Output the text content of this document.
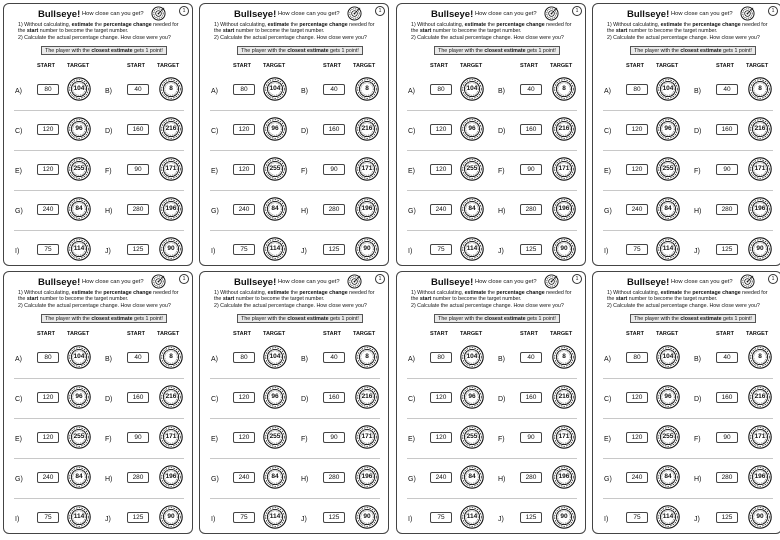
Bullseye! How close can you get?	1
1) Without calculating, estimate the percentage change needed for
the start number to become the target number.
2) Calculate the actual percentage change. How close were you?
The player with the closest estimate gets 1 point!
START TARGET	START TARGET
A)	80	104	B)	40	8
C)	120	96	D)	160	216
E)	120	255	F)	90	171
G)	240	84	H)	280	196
I)	75	114	J)	125	90
Bullseye! How close can you get?	1
1) Without calculating, estimate the percentage change needed for
the start number to become the target number.
2) Calculate the actual percentage change. How close were you?
The player with the closest estimate gets 1 point!
START TARGET	START TARGET
A)	80	104	B)	40	8
C)	120	96	D)	160	216
E)	120	255	F)	90	171
G)	240	84	H)	280	196
I)	75	114	J)	125	90
Bullseye! How close can you get?	1
1) Without calculating, estimate the percentage change needed for
the start number to become the target number.
2) Calculate the actual percentage change. How close were you?
The player with the closest estimate gets 1 point!
START TARGET	START TARGET
A)	80	104	B)	40	8
C)	120	96	D)	160	216
E)	120	255	F)	90	171
G)	240	84	H)	280	196
I)	75	114	J)	125	90
Bullseye! How close can you get?	1
1) Without calculating, estimate the percentage change needed for
the start number to become the target number.
2) Calculate the actual percentage change. How close were you?
The player with the closest estimate gets 1 point!
START TARGET	START TARGET
A)	80	104	B)	40	8
C)	120	96	D)	160	216
E)	120	255	F)	90	171
G)	240	84	H)	280	196
I)	75	114	J)	125	90
Bullseye! How close can you get?	1
1) Without calculating, estimate the percentage change needed for
the start number to become the target number.
2) Calculate the actual percentage change. How close were you?
The player with the closest estimate gets 1 point!
START TARGET	START TARGET
A)	80	104	B)	40	8
C)	120	96	D)	160	216
E)	120	255	F)	90	171
G)	240	84	H)	280	196
I)	75	114	J)	125	90
Bullseye! How close can you get?	1
1) Without calculating, estimate the percentage change needed for
the start number to become the target number.
2) Calculate the actual percentage change. How close were you?
The player with the closest estimate gets 1 point!
START TARGET	START TARGET
A)	80	104	B)	40	8
C)	120	96	D)	160	216
E)	120	255	F)	90	171
G)	240	84	H)	280	196
I)	75	114	J)	125	90
Bullseye! How close can you get?	1
1) Without calculating, estimate the percentage change needed for
the start number to become the target number.
2) Calculate the actual percentage change. How close were you?
The player with the closest estimate gets 1 point!
START TARGET	START TARGET
A)	80	104	B)	40	8
C)	120	96	D)	160	216
E)	120	255	F)	90	171
G)	240	84	H)	280	196
I)	75	114	J)	125	90
Bullseye! How close can you get?	1
1) Without calculating, estimate the percentage change needed for
the start number to become the target number.
2) Calculate the actual percentage change. How close were you?
The player with the closest estimate gets 1 point!
START TARGET	START TARGET
A)	80	104	B)	40	8
C)	120	96	D)	160	216
E)	120	255	F)	90	171
G)	240	84	H)	280	196
I)	75	114	J)	125	90
